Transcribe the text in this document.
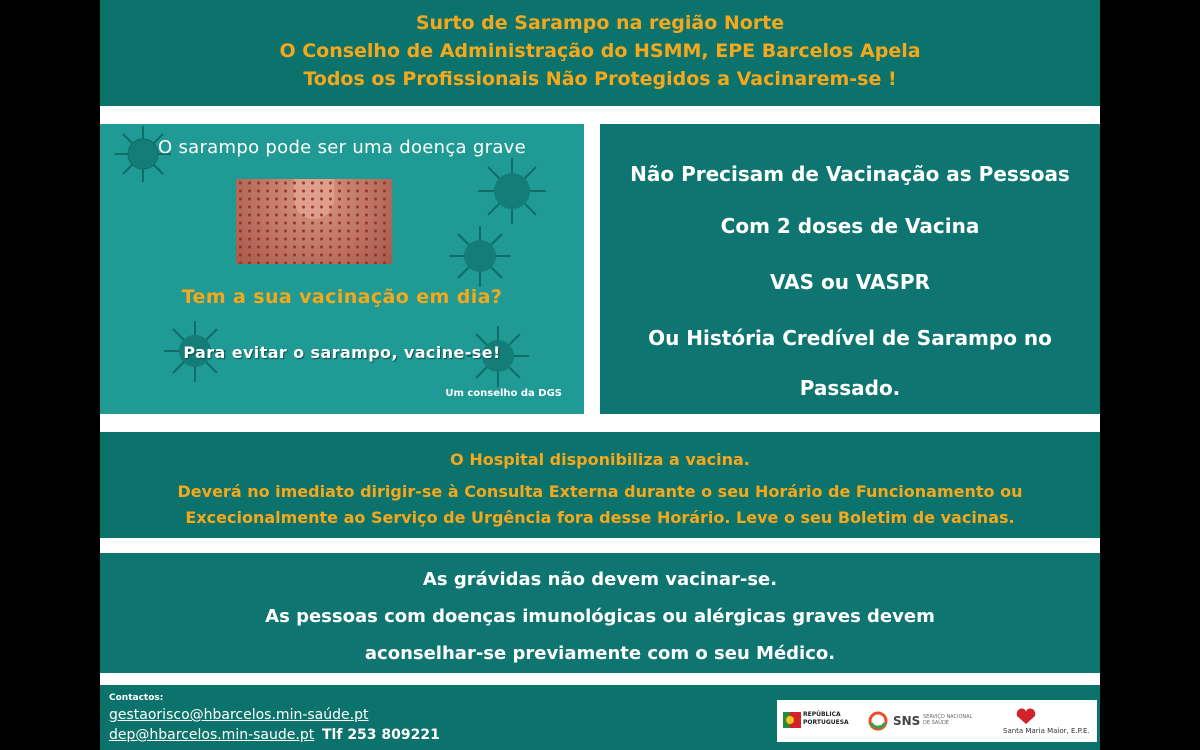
Surto de Sarampo na região Norte
O Conselho de Administração do HSMM, EPE Barcelos Apela
Todos os Profissionais Não Protegidos a Vacinarem-se !
O sarampo pode ser uma doença grave
Tem a sua vacinação em dia?
Para evitar o sarampo, vacine-se!
Um conselho da DGS
Não Precisam de Vacinação as Pessoas
Com 2 doses de Vacina
VAS ou VASPR
Ou História Credível de Sarampo no
Passado.
O Hospital disponibiliza a vacina.
Deverá no imediato dirigir-se à Consulta Externa durante o seu Horário de Funcionamento ou Excecionalmente ao Serviço de Urgência fora desse Horário. Leve o seu Boletim de vacinas.
As grávidas não devem vacinar-se.
As pessoas com doenças imunológicas ou alérgicas graves devem
aconselhar-se previamente com o seu Médico.
Contactos:
gestaorisco@hbarcelos.min-saúde.pt
dep@hbarcelos.min-saude.pt Tlf 253 809221
REPÚBLICA
PORTUGUESA	SNS SERVIÇO NACIONAL
DE SAÚDE
Santa Maria Maior, E.P.E.
